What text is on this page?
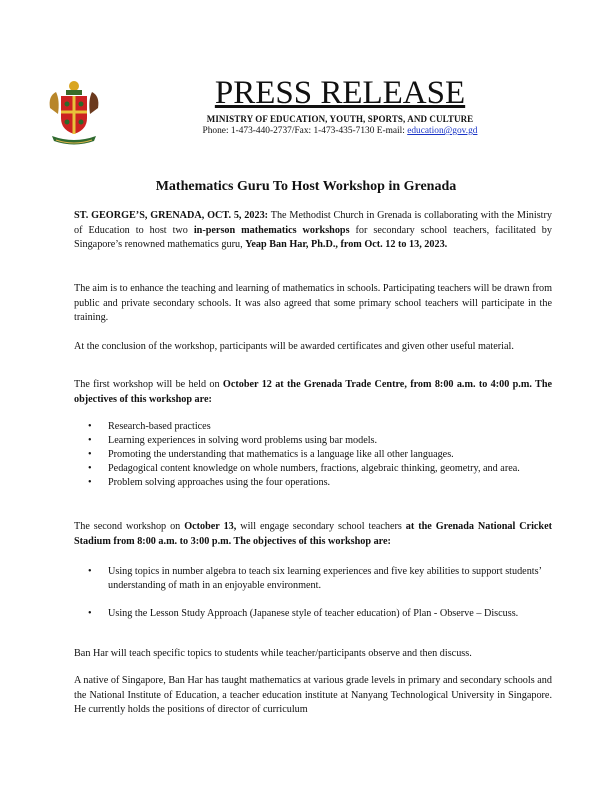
PRESS RELEASE
MINISTRY OF EDUCATION, YOUTH, SPORTS, AND CULTURE
Phone: 1-473-440-2737/Fax: 1-473-435-7130 E-mail: education@gov.gd
Mathematics Guru To Host Workshop in Grenada

ST. GEORGE’S, GRENADA, OCT. 5, 2023: The Methodist Church in Grenada is collaborating with the Ministry of Education to host two in-person mathematics workshops for secondary school teachers, facilitated by Singapore’s renowned mathematics guru, Yeap Ban Har, Ph.D., from Oct. 12 to 13, 2023.

The aim is to enhance the teaching and learning of mathematics in schools. Participating teachers will be drawn from public and private secondary schools. It was also agreed that some primary school teachers will participate in the training.

At the conclusion of the workshop, participants will be awarded certificates and given other useful material.

The first workshop will be held on October 12 at the Grenada Trade Centre, from 8:00 a.m. to 4:00 p.m. The objectives of this workshop are:

• Research-based practices
• Learning experiences in solving word problems using bar models.
• Promoting the understanding that mathematics is a language like all other languages.
• Pedagogical content knowledge on whole numbers, fractions, algebraic thinking, geometry, and area.
• Problem solving approaches using the four operations.

The second workshop on October 13, will engage secondary school teachers at the Grenada National Cricket Stadium from 8:00 a.m. to 3:00 p.m. The objectives of this workshop are:

• Using topics in number algebra to teach six learning experiences and five key abilities to support students’ understanding of math in an enjoyable environment.
• Using the Lesson Study Approach (Japanese style of teacher education) of Plan - Observe – Discuss.

Ban Har will teach specific topics to students while teacher/participants observe and then discuss.

A native of Singapore, Ban Har has taught mathematics at various grade levels in primary and secondary schools and the National Institute of Education, a teacher education institute at Nanyang Technological University in Singapore. He currently holds the positions of director of curriculum
